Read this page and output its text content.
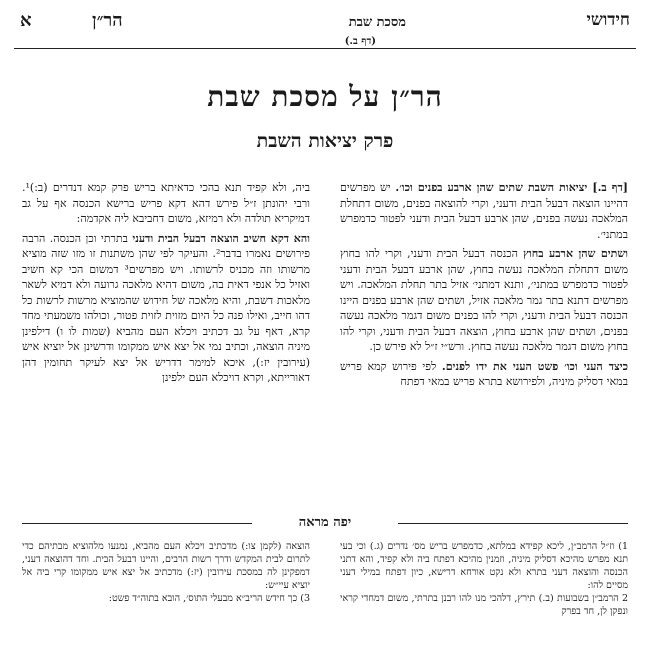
חידושי
מסכת שבת
(דף ב.)
הר״ן
א
הר״ן על מסכת שבת
פרק יציאות השבת

[דף ב.] יציאות השבת שתים שהן ארבע בפנים וכו׳. יש מפרשים דהיינו הוצאה דבעל הבית ודעני, וקרי להוצאה בפנים, משום דתחלת המלאכה נעשה בפנים, שהן ארבע דבעל הבית ודעני לפטור כדמפרש במתני׳.

ושתים שהן ארבע בחוץ הכנסה דבעל הבית ודעני, וקרי להו בחוץ משום דתחלת המלאכה נעשה בחוץ, שהן ארבע דבעל הבית ודעני לפטור כדמפרש במתני׳, ותנא דמתני׳ אזיל בתר תחלת המלאכה. ויש מפרשים דתנא בתר גמר מלאכה אזיל, ושתים שהן ארבע בפנים היינו הכנסה דבעל הבית ודעני, וקרי להו בפנים משום דגמר מלאכה נעשה בפנים, ושתים שהן ארבע בחוץ, הוצאה דבעל הבית ודעני, וקרי להו בחוץ משום דגמר מלאכה נעשה בחוץ. ורש״י ז״ל לא פירש כן.

כיצד העני וכו׳ פשט העני את ידו לפנים. לפי פירוש קמא פריש במאי דסליק מיניה, ולפירושא בתרא פריש במאי דפתח

ביה, ולא קפיד תנא בהכי כדאיתא בריש פרק קמא דנדרים (ב:)¹. ורבי יהונתן ז״ל פירש דהא דקא פריש ברישא הכנסה אף על גב דמיקריא תולדה ולא רמיזא, משום דחביבא ליה אקדמה:

והא דקא חשיב הוצאה דבעל הבית ודעני בתרתי וכן הכנסה. הרבה פירושים נאמרו בדבר². והעיקר לפי שהן משתנות זו מזו שזה מוציא מרשותו וזה מכניס לרשותו. ויש מפרשים³ דמשום הכי קא חשיב ואזיל כל אנפי דאית בה, משום דהיא מלאכה גרועה ולא דמיא לשאר מלאכות דשבת, והיא מלאכה של חידוש שהמוציא מרשות לרשות כל דהו חייב, ואילו פנה כל היום מזוית לזוית פטור, וכולהו משמעתי מחד קרא, דאף על גב דכתיב ויכלא העם מהביא (שמות לו ו) דילפינן מיניה הוצאה, וכתיב נמי אל יצא איש ממקומו ודרשינן אל יוציא איש (עירובין יז:), איכא למימר דדריש אל יצא לעיקר תחומין דהן דאורייתא, וקרא דויכלא העם ילפינן

יפה מראה

1) וז״ל הרמב״ן, ליכא קפידא במלתא, כדמפרש בריש מס׳ נדרים (ג.) וכי בעי תנא מפרש מהיכא דסליק מיניה, וזמנין מהיכא דפתח ביה ולא קפיד, והא דתני הכנסה והוצאה דעני בתרא ולא נקט אורחא דרישא, כיון דפתח במילי דעני מסיים להו:

2 הרמב״ן בשבועות (ב.) תירץ, דלהכי מנו להו רבנן בתרתי, משום דמחדי קראי ונפקן לן, חד בפרק

הוצאה (לקמן צו:) מדכתיב ויכלא העם מהביא, נמנעו מלהוציא מבתיהם כדי לתרום לבית המקדש ודרך רשות הרבים, והיינו דבעל הבית. וחד דהוצאה דעני, דמפקינן לה במסכת עירובין (יז:) מדכתיב אל יצא איש ממקומו קרי ביה אל יוציא עיי״ש:

3) כך חידש הריב״א מבעלי התוס׳, הובא בתוה״ד פשט:
